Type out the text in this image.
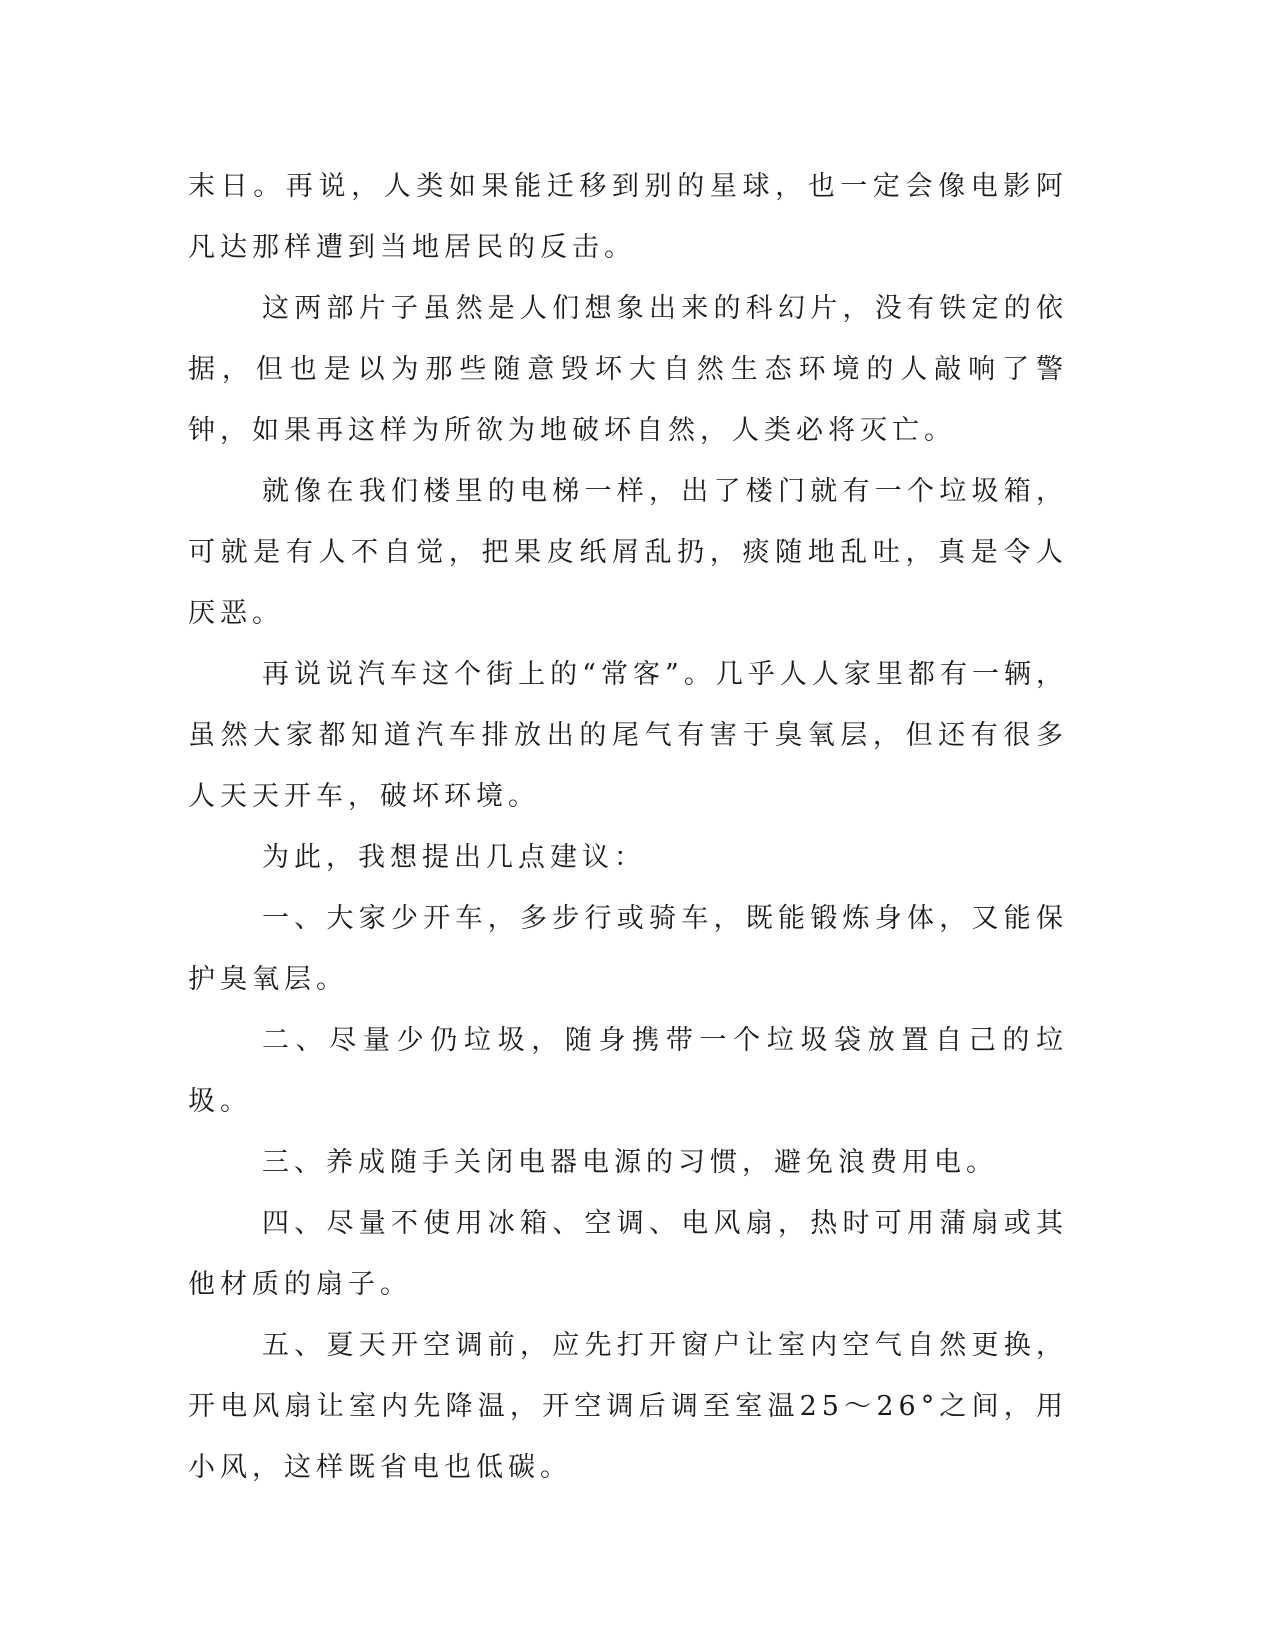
末日。再说，人类如果能迁移到别的星球，也一定会像电影阿凡达那样遭到当地居民的反击。

这两部片子虽然是人们想象出来的科幻片，没有铁定的依据，但也是以为那些随意毁坏大自然生态环境的人敲响了警钟，如果再这样为所欲为地破坏自然，人类必将灭亡。

就像在我们楼里的电梯一样，出了楼门就有一个垃圾箱，可就是有人不自觉，把果皮纸屑乱扔，痰随地乱吐，真是令人厌恶。

再说说汽车这个街上的“常客”。几乎人人家里都有一辆，虽然大家都知道汽车排放出的尾气有害于臭氧层，但还有很多人天天开车，破坏环境。

为此，我想提出几点建议：

一、大家少开车，多步行或骑车，既能锻炼身体，又能保护臭氧层。

二、尽量少仍垃圾，随身携带一个垃圾袋放置自己的垃圾。

三、养成随手关闭电器电源的习惯，避免浪费用电。

四、尽量不使用冰箱、空调、电风扇，热时可用蒲扇或其他材质的扇子。

五、夏天开空调前，应先打开窗户让室内空气自然更换，开电风扇让室内先降温，开空调后调至室温25～26°之间，用小风，这样既省电也低碳。
